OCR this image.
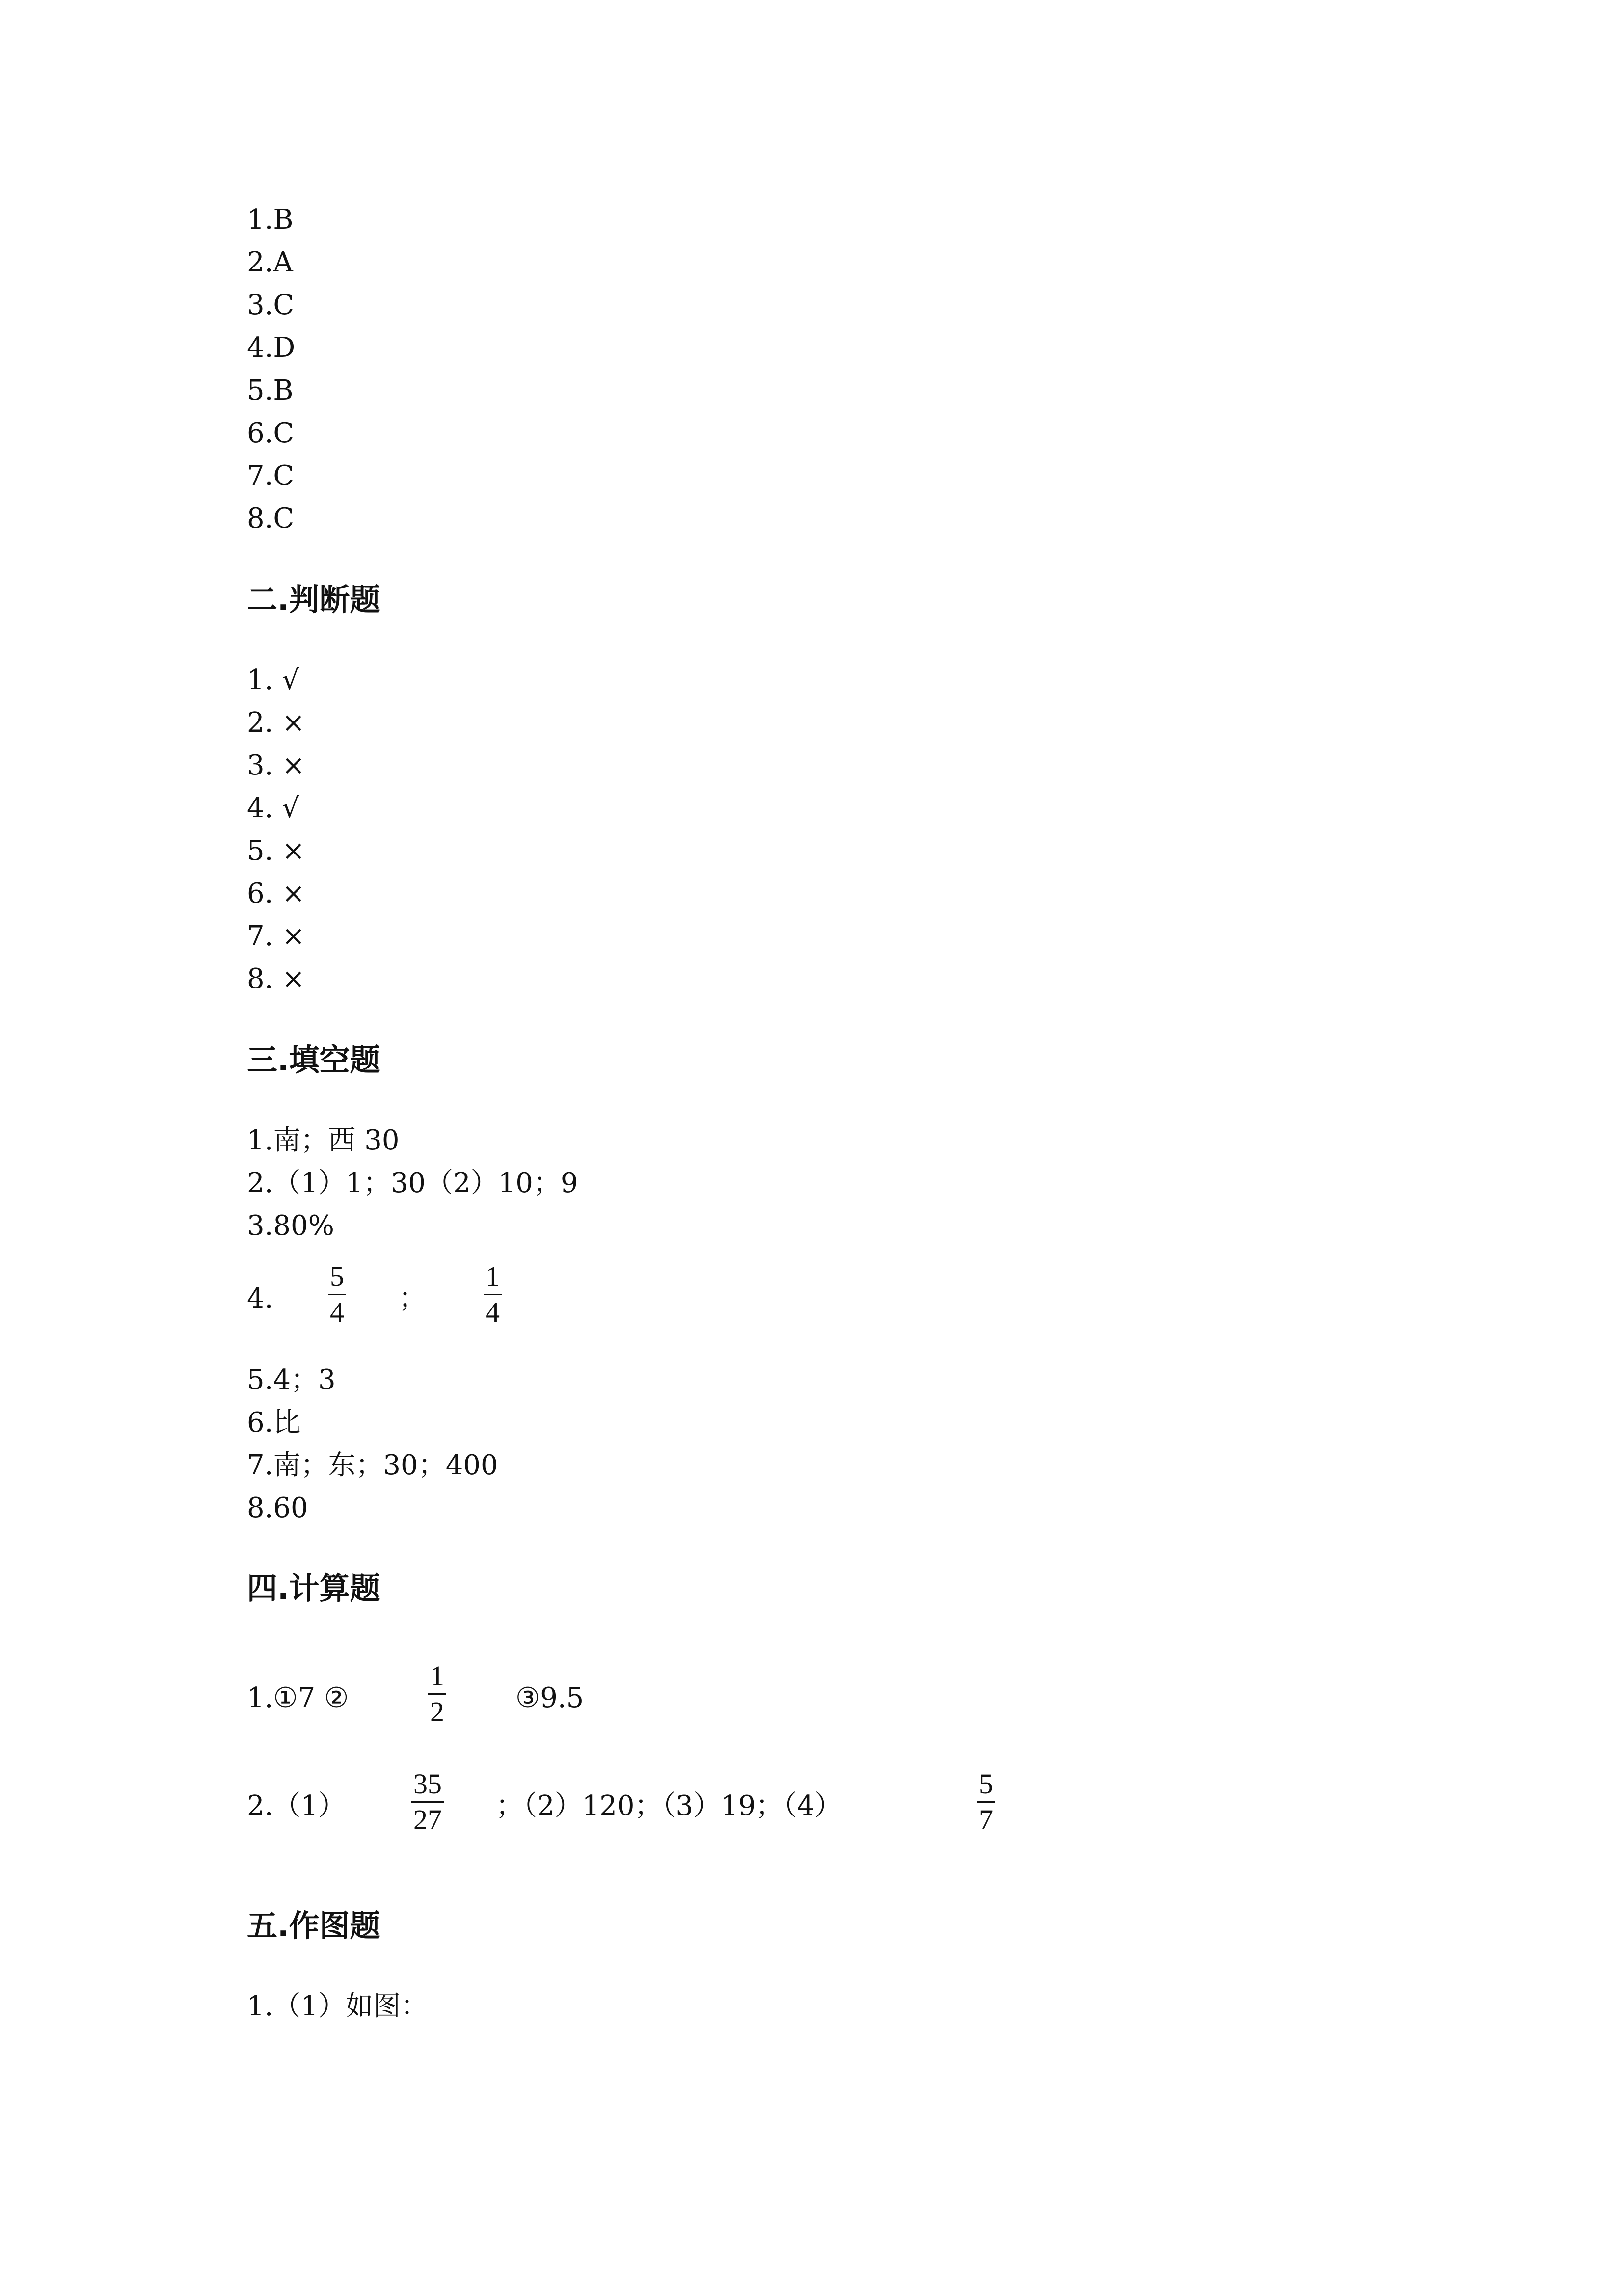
1.B
2.A
3.C
4.D
5.B
6.C
7.C
8.C
二.判断题
1. √
2. ×
3. ×
4. √
5. ×
6. ×
7. ×
8. ×
三.填空题
1.南；西 30
2.（1）1；30（2）10；9
3.80%
4.
5
4 ；
1
4
5.4；3
6.比
7.南；东；30；400
8.60
四.计算题
1.①7 ②
1
2	③9.5
2.（1）
35
27 ；（2）120；（3）19；（4）
5
7
五.作图题
1.（1）如图：
